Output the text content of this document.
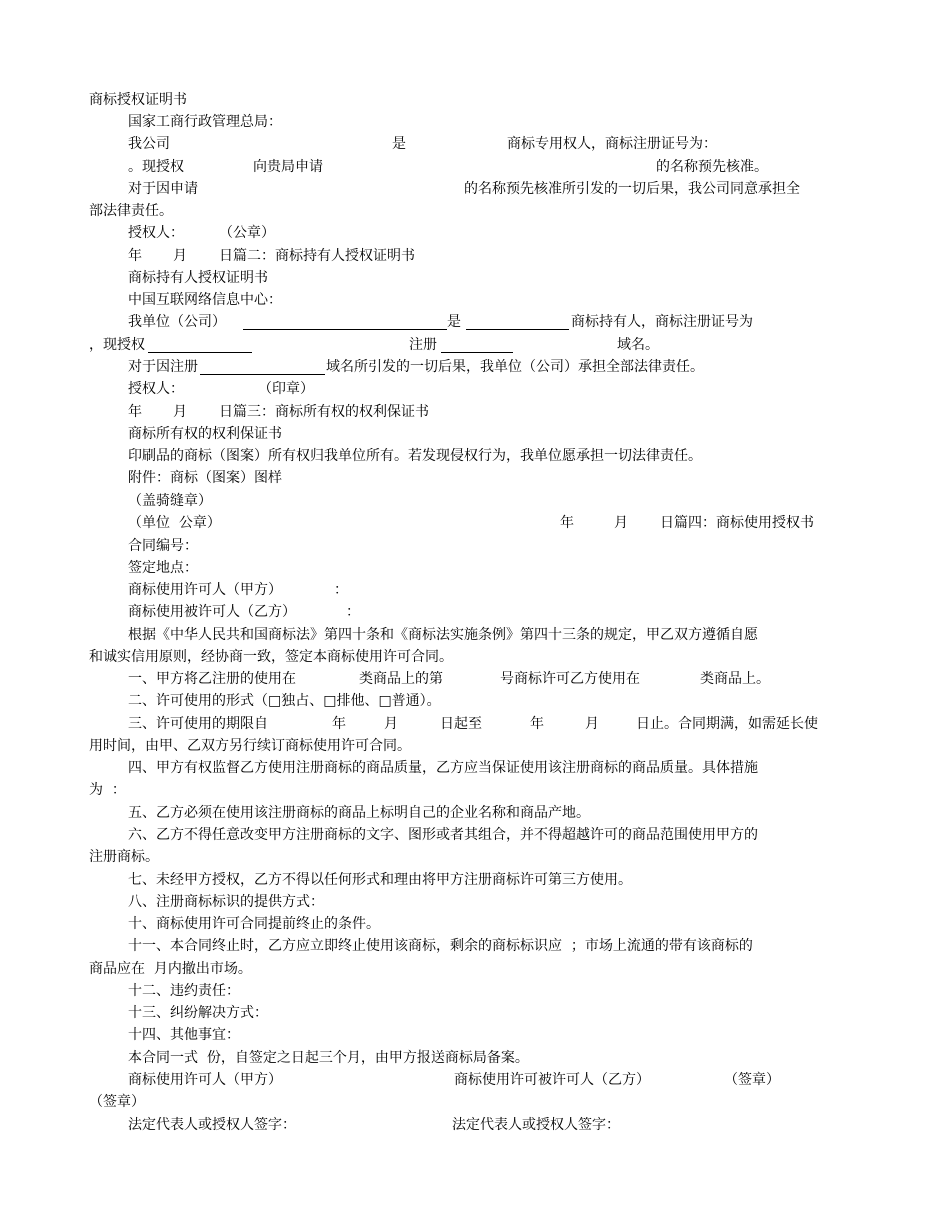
商标授权证明书
国家工商行政管理总局：
我公司	是	商标专用权人，商标注册证号为：
。现授权	向贵局申请	的名称预先核准。
对于因申请	的名称预先核准所引发的一切后果，我公司同意承担全
部法律责任。
授权人：	（公章）
年 月 日篇二：商标持有人授权证明书
商标持有人授权证明书
中国互联网络信息中心：
我单位（公司）	是	商标持有人，商标注册证号为
，现授权	注册	域名。
对于因注册	域名所引发的一切后果，我单位（公司）承担全部法律责任。
授权人：	（印章）
年 月 日篇三：商标所有权的权利保证书
商标所有权的权利保证书
印刷品的商标（图案）所有权归我单位所有。若发现侵权行为，我单位愿承担一切法律责任。
附件：商标（图案）图样
（盖骑缝章）
（单位  公章）	年	月 日篇四：商标使用授权书
合同编号：
签定地点：
商标使用许可人（甲方）	：
商标使用被许可人（乙方）	：
根据《中华人民共和国商标法》第四十条和《商标法实施条例》第四十三条的规定，甲乙双方遵循自愿
和诚实信用原则，经协商一致，签定本商标使用许可合同。
一、甲方将乙注册的使用在	类商品上的第	号商标许可乙方使用在	类商品上。
二、许可使用的形式（□独占、□排他、□普通）。
三、许可使用的期限自	年	月	日起至	年	月	日止。合同期满，如需延长使
用时间，由甲、乙双方另行续订商标使用许可合同。
四、甲方有权监督乙方使用注册商标的商品质量，乙方应当保证使用该注册商标的商品质量。具体措施
为  ：
五、乙方必须在使用该注册商标的商品上标明自己的企业名称和商品产地。
六、乙方不得任意改变甲方注册商标的文字、图形或者其组合，并不得超越许可的商品范围使用甲方的
注册商标。
七、未经甲方授权，乙方不得以任何形式和理由将甲方注册商标许可第三方使用。
八、注册商标标识的提供方式：
十、商标使用许可合同提前终止的条件。
十一、本合同终止时，乙方应立即终止使用该商标，剩余的商标标识应  ；市场上流通的带有该商标的
商品应在  月内撤出市场。
十二、违约责任：
十三、纠纷解决方式：
十四、其他事宜：
本合同一式  份，自签定之日起三个月，由甲方报送商标局备案。
商标使用许可人（甲方）	商标使用许可被许可人（乙方）	（签章）
（签章）
法定代表人或授权人签字：	法定代表人或授权人签字：
